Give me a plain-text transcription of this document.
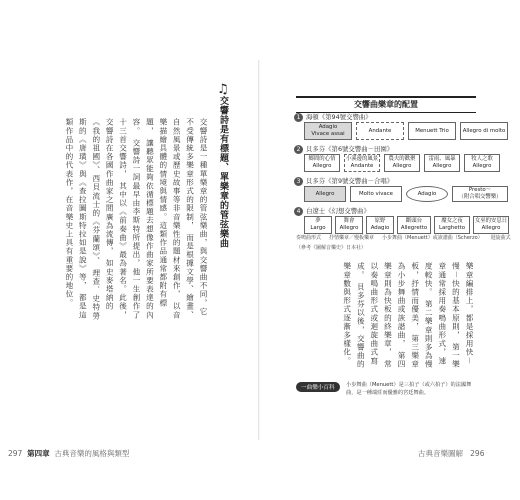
交響詩是一種單樂章的管弦樂曲，與交響曲不同，它不受傳統多樂章形式的限制， 而是根據文學、繪畫、自然風景或歷史故事等非音樂性的題材來創作， 以音樂描繪具體的情境與情感。這類作品通常都附有標題， 讓聽眾能夠依循標題去想像作曲家所要表達的內容。 交響詩一詞最早由李斯特所提出，他一生創作了十三首交響詩， 其中以《前奏曲》最為著名。此後，交響詩在各國作曲家之間廣為流傳， 如史麥塔納的《我的祖國》、西貝流士的《芬蘭頌》、 理查．史特勞斯的《唐璜》與《查拉圖斯特拉如是說》等， 都是這類作品中的代表作，在音樂史上具有重要的地位。
♫
交響詩是有標題、單樂章的管弦樂曲
297 第四章 古典音樂的風格與類型
交響曲樂章的配置
1 海頓《第94號交響曲》
Adagio
Vivace assai
Andante	Menuett Trio	Allegro di molto
2 貝多芬《第6號交響曲－田園》
鄉間的心情
Allegro
小溪邊的風景
Andante
農夫的歡聚
Allegro
雷雨、風暴
Allegro
牧人之歌
Allegro
3 貝多芬《第9號交響曲－合唱》
Allegro	Molto vivace	Adagio
Presto～
（附合唱交響樂）
4 白遼士《幻想交響曲》
夢
Largo
舞會
Allegro
原野
Adagio
斷頭台
Allegretto
魔女之夜
Larghetto
女巫的安息日
Allegro
奏鳴曲形式 抒情樂章／慢板樂章 小步舞曲（Menuett）或詼諧曲（Scherzo） 迴旋曲式
（參考《圖解音樂史》日本社）
樂章編排上，都是採用快－慢－快的基本原則， 第一樂章通常採用奏鳴曲形式，速度較快。 第二樂章則多為慢板，抒情而優美， 第三樂章為小步舞曲或詼諧曲， 第四樂章則為快板的終樂章， 常以奏鳴曲形式或迴旋曲式寫成。 貝多芬以後，交響曲的樂章數與形式逐漸多樣化。
一曲樂小百科	小步舞曲（Menuett）是三拍子（或六拍子）的法國舞曲，是一種端莊而優雅的宮廷舞曲。
古典音樂圖解 296
